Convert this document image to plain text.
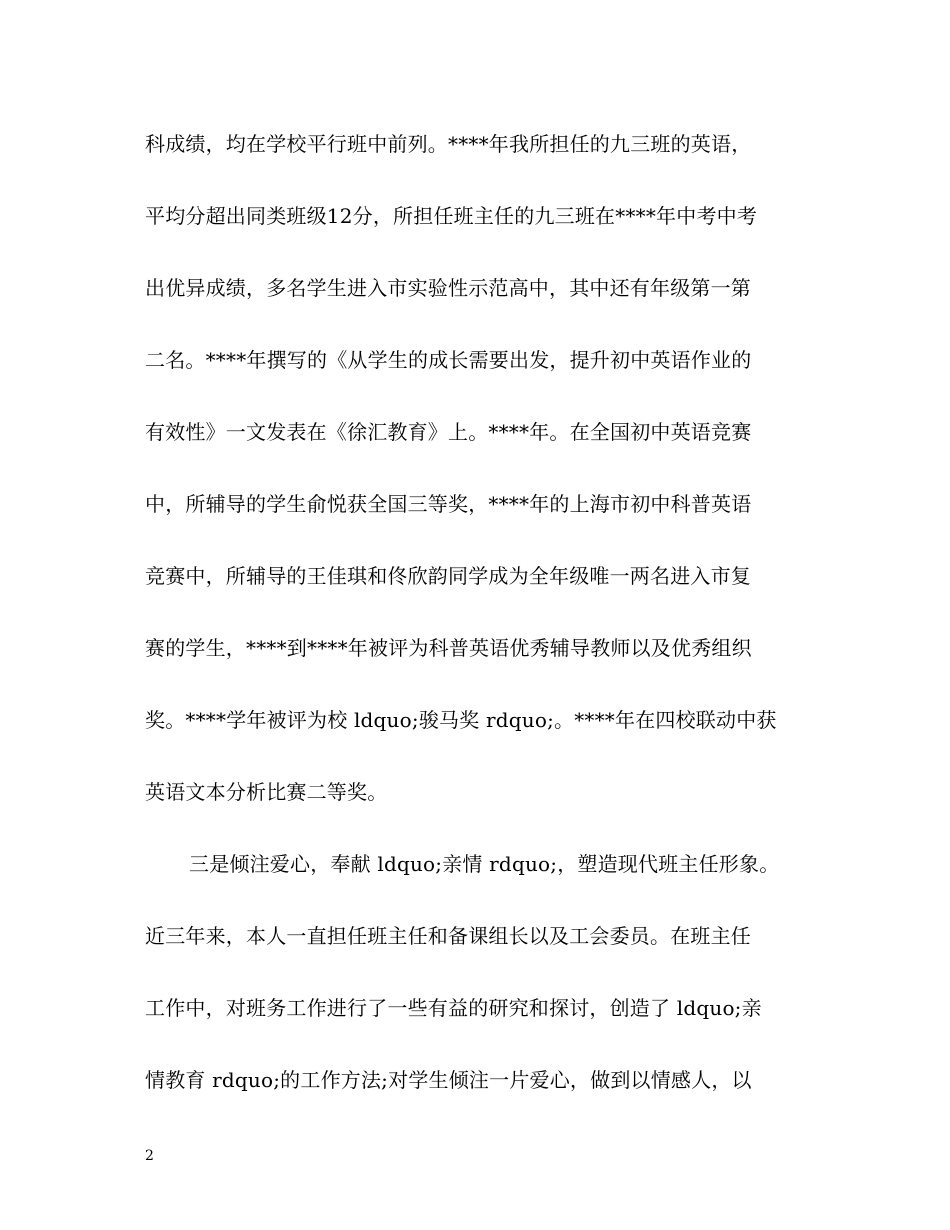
科成绩，均在学校平行班中前列。****年我所担任的九三班的英语，
平均分超出同类班级12分，所担任班主任的九三班在****年中考中考
出优异成绩，多名学生进入市实验性示范高中，其中还有年级第一第
二名。****年撰写的《从学生的成长需要出发，提升初中英语作业的
有效性》一文发表在《徐汇教育》上。****年。在全国初中英语竞赛
中，所辅导的学生俞悦获全国三等奖，****年的上海市初中科普英语
竞赛中，所辅导的王佳琪和佟欣韵同学成为全年级唯一两名进入市复
赛的学生，****到****年被评为科普英语优秀辅导教师以及优秀组织
奖。****学年被评为校 ldquo;骏马奖 rdquo;。****年在四校联动中获
英语文本分析比赛二等奖。
三是倾注爱心，奉献 ldquo;亲情 rdquo;，塑造现代班主任形象。
近三年来，本人一直担任班主任和备课组长以及工会委员。在班主任
工作中，对班务工作进行了一些有益的研究和探讨，创造了 ldquo;亲
情教育 rdquo;的工作方法;对学生倾注一片爱心，做到以情感人，以
2
